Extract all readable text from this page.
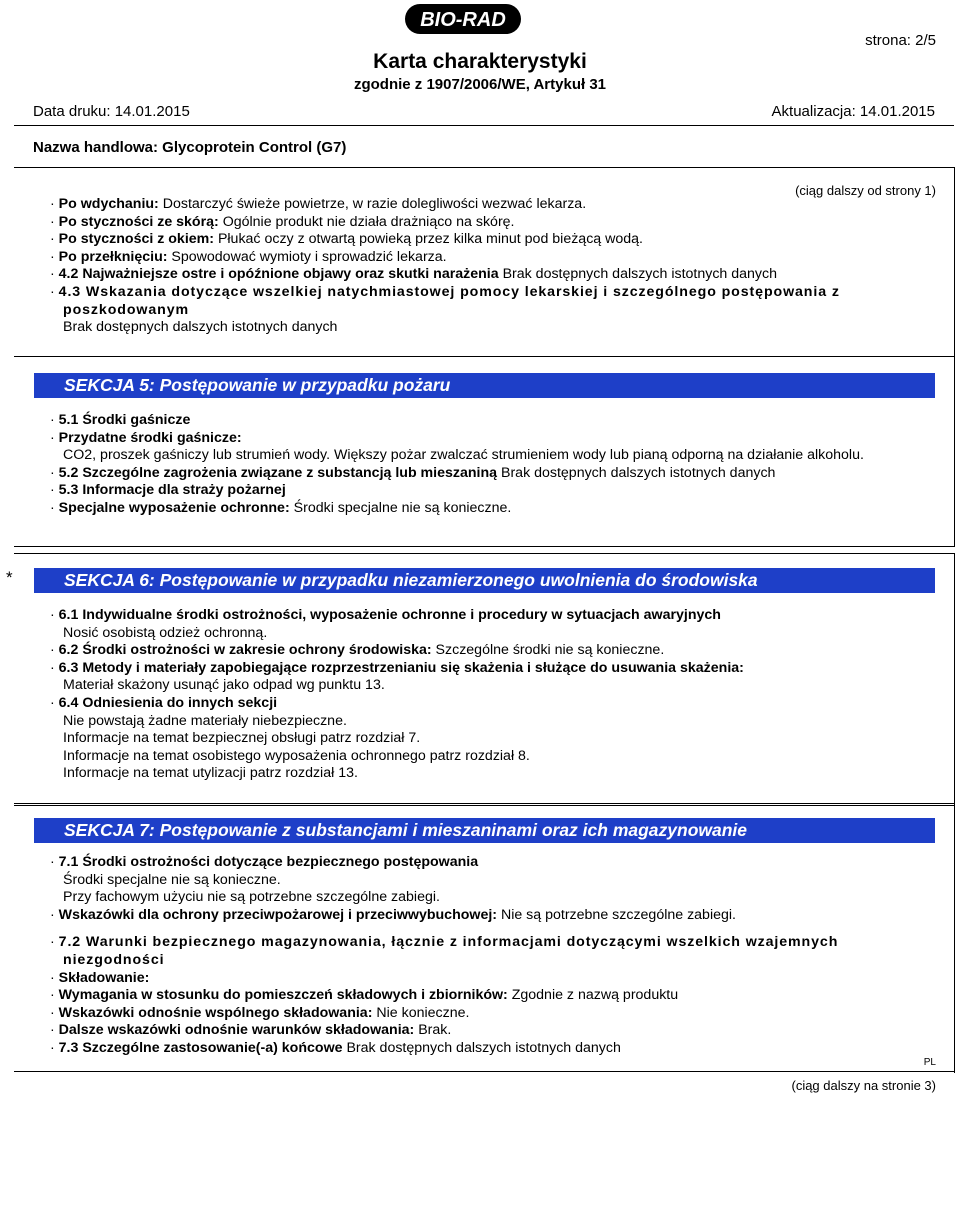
BIO-RAD
strona: 2/5
Karta charakterystyki
zgodnie z 1907/2006/WE, Artykuł 31
Data druku: 14.01.2015	Aktualizacja: 14.01.2015
Nazwa handlowa: Glycoprotein Control (G7)
(ciąg dalszy od strony 1)

· Po wdychaniu: Dostarczyć świeże powietrze, w razie dolegliwości wezwać lekarza.

· Po styczności ze skórą: Ogólnie produkt nie działa drażniąco na skórę.

· Po styczności z okiem: Płukać oczy z otwartą powieką przez kilka minut pod bieżącą wodą.

· Po przełknięciu: Spowodować wymioty i sprowadzić lekarza.

· 4.2 Najważniejsze ostre i opóźnione objawy oraz skutki narażenia Brak dostępnych dalszych istotnych danych

· 4.3 Wskazania dotyczące wszelkiej natychmiastowej pomocy lekarskiej i szczególnego postępowania z poszkodowanym

Brak dostępnych dalszych istotnych danych

SEKCJA 5: Postępowanie w przypadku pożaru

· 5.1 Środki gaśnicze

· Przydatne środki gaśnicze:

CO2, proszek gaśniczy lub strumień wody. Większy pożar zwalczać strumieniem wody lub pianą odporną na działanie alkoholu.

· 5.2 Szczególne zagrożenia związane z substancją lub mieszaniną Brak dostępnych dalszych istotnych danych

· 5.3 Informacje dla straży pożarnej

· Specjalne wyposażenie ochronne: Środki specjalne nie są konieczne.

*	SEKCJA 6: Postępowanie w przypadku niezamierzonego uwolnienia do środowiska

· 6.1 Indywidualne środki ostrożności, wyposażenie ochronne i procedury w sytuacjach awaryjnych

Nosić osobistą odzież ochronną.

· 6.2 Środki ostrożności w zakresie ochrony środowiska: Szczególne środki nie są konieczne.

· 6.3 Metody i materiały zapobiegające rozprzestrzenianiu się skażenia i służące do usuwania skażenia:

Materiał skażony usunąć jako odpad wg punktu 13.

· 6.4 Odniesienia do innych sekcji

Nie powstają żadne materiały niebezpieczne.

Informacje na temat bezpiecznej obsługi patrz rozdział 7.

Informacje na temat osobistego wyposażenia ochronnego patrz rozdział 8.

Informacje na temat utylizacji patrz rozdział 13.

SEKCJA 7: Postępowanie z substancjami i mieszaninami oraz ich magazynowanie

· 7.1 Środki ostrożności dotyczące bezpiecznego postępowania

Środki specjalne nie są konieczne.

Przy fachowym użyciu nie są potrzebne szczególne zabiegi.

· Wskazówki dla ochrony przeciwpożarowej i przeciwwybuchowej: Nie są potrzebne szczególne zabiegi.

· 7.2 Warunki bezpiecznego magazynowania, łącznie z informacjami dotyczącymi wszelkich wzajemnych niezgodności

· Składowanie:

· Wymagania w stosunku do pomieszczeń składowych i zbiorników: Zgodnie z nazwą produktu

· Wskazówki odnośnie wspólnego składowania: Nie konieczne.

· Dalsze wskazówki odnośnie warunków składowania: Brak.

· 7.3 Szczególne zastosowanie(-a) końcowe Brak dostępnych dalszych istotnych danych

PL
(ciąg dalszy na stronie 3)
